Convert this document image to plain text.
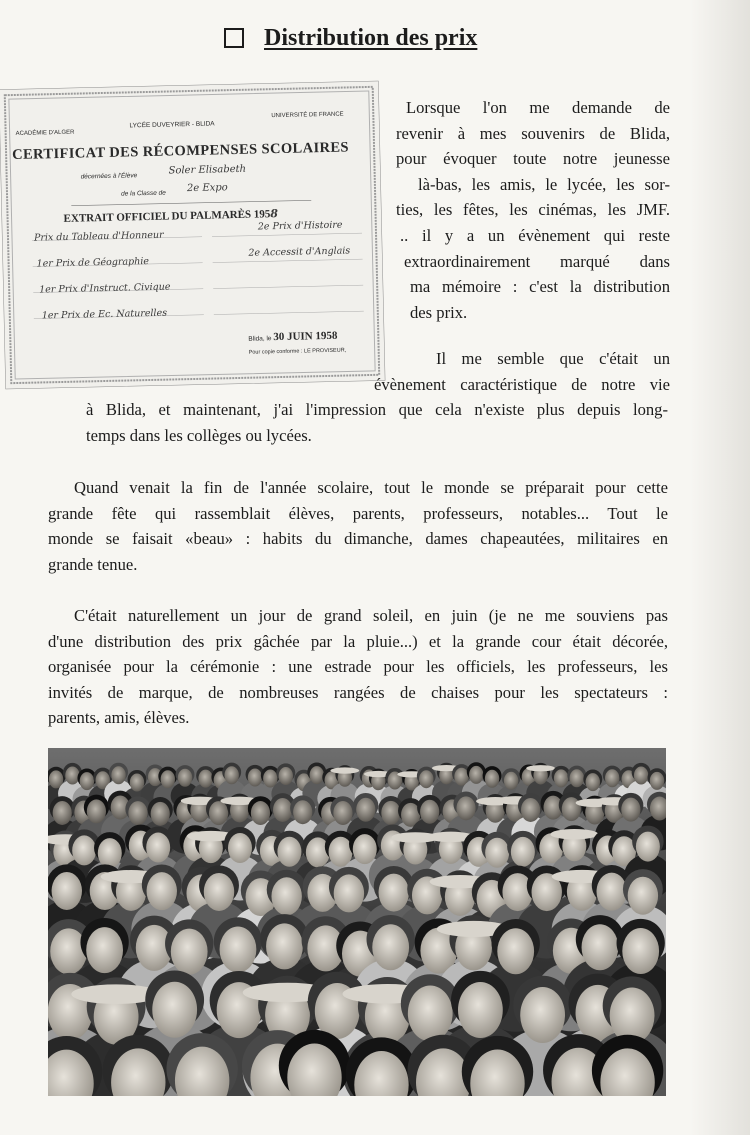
Distribution des prix
ACADÉMIE D'ALGER
LYCÉE DUVEYRIER - BLIDA
UNIVERSITÉ DE FRANCE
CERTIFICAT DES RÉCOMPENSES SCOLAIRES
décernées à l'Élève	Soler Elisabeth
de la Classe de 2e Expo
EXTRAIT OFFICIEL DU PALMARÈS 1958
Prix du Tableau d'Honneur
1er Prix de Géographie
1er Prix d'Instruct. Civique
1er Prix de Ec. Naturelles
2e Prix d'Histoire
2e Accessit d'Anglais
Blida, le 30 JUIN 1958
Pour copie conforme : LE PROVISEUR,
Lorsque l'on me demande de
revenir à mes souvenirs de Blida,
pour évoquer toute notre jeunesse
là-bas, les amis, le lycée, les sor-
ties, les fêtes, les cinémas, les JMF.
.. il y a un évènement qui reste
extraordinairement marqué dans
ma mémoire : c'est la distribution
des prix.
Il me semble que c'était un
évènement caractéristique de notre vie
à Blida, et maintenant, j'ai l'impression que cela n'existe plus depuis long-
temps dans les collèges ou lycées.
Quand venait la fin de l'année scolaire, tout le monde se préparait pour cette
grande fête qui rassemblait élèves, parents, professeurs, notables... Tout le
monde se faisait «beau» : habits du dimanche, dames chapeautées, militaires en
grande tenue.
C'était naturellement un jour de grand soleil, en juin (je ne me souviens pas
d'une distribution des prix gâchée par la pluie...) et la grande cour était décorée,
organisée pour la cérémonie : une estrade pour les officiels, les professeurs, les
invités de marque, de nombreuses rangées de chaises pour les spectateurs :
parents, amis, élèves.
